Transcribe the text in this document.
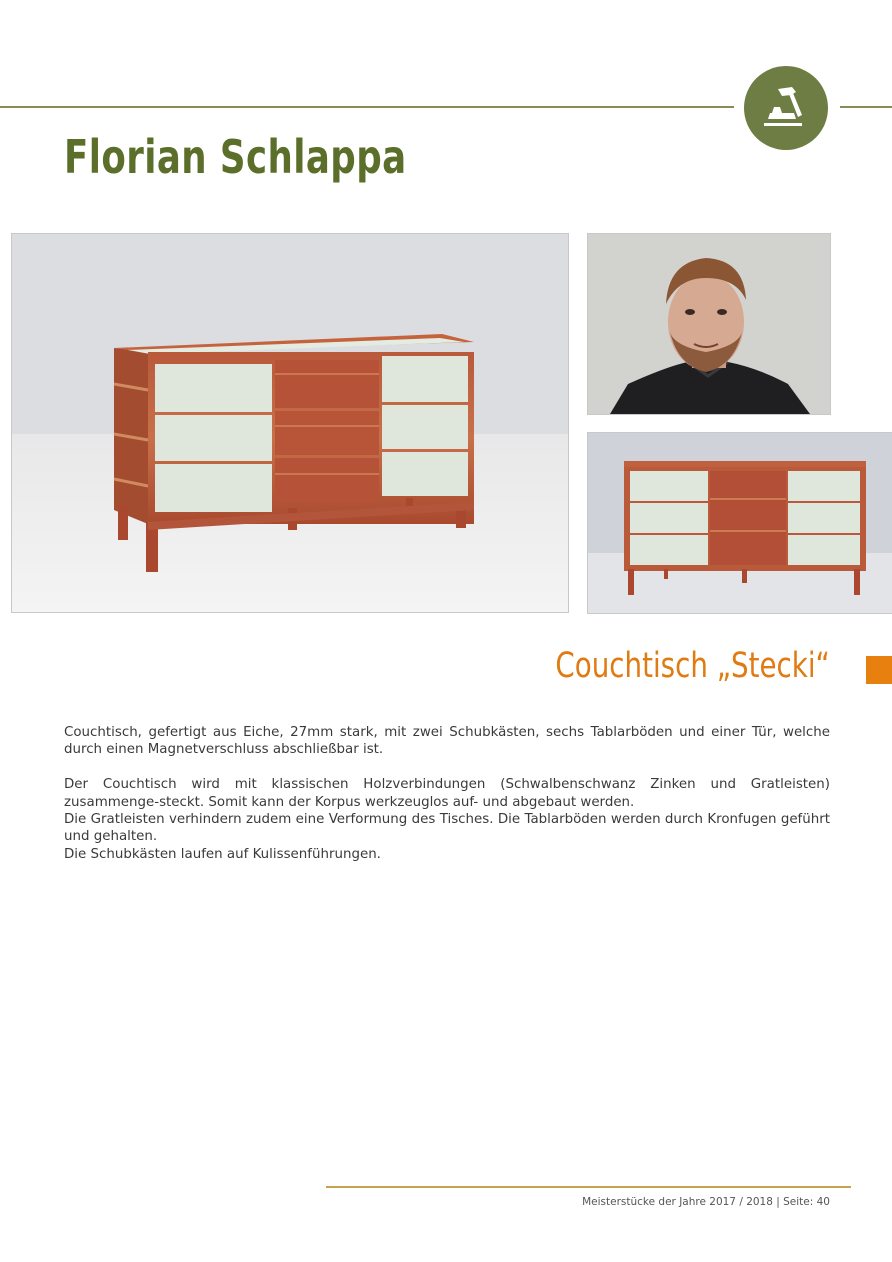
Florian Schlappa
Couchtisch „Stecki“

Couchtisch, gefertigt aus Eiche, 27mm stark, mit zwei Schubkästen, sechs Tablarböden und einer Tür, welche durch einen Magnetverschluss abschließbar ist.

Der Couchtisch wird mit klassischen Holzverbindungen (Schwalbenschwanz Zinken und Gratleisten) zusammenge-steckt. Somit kann der Korpus werkzeuglos auf- und abgebaut werden.

Die Gratleisten verhindern zudem eine Verformung des Tisches. Die Tablarböden werden durch Kronfugen geführt und gehalten.

Die Schubkästen laufen auf Kulissenführungen.

Meisterstücke der Jahre 2017 / 2018 | Seite: 40
